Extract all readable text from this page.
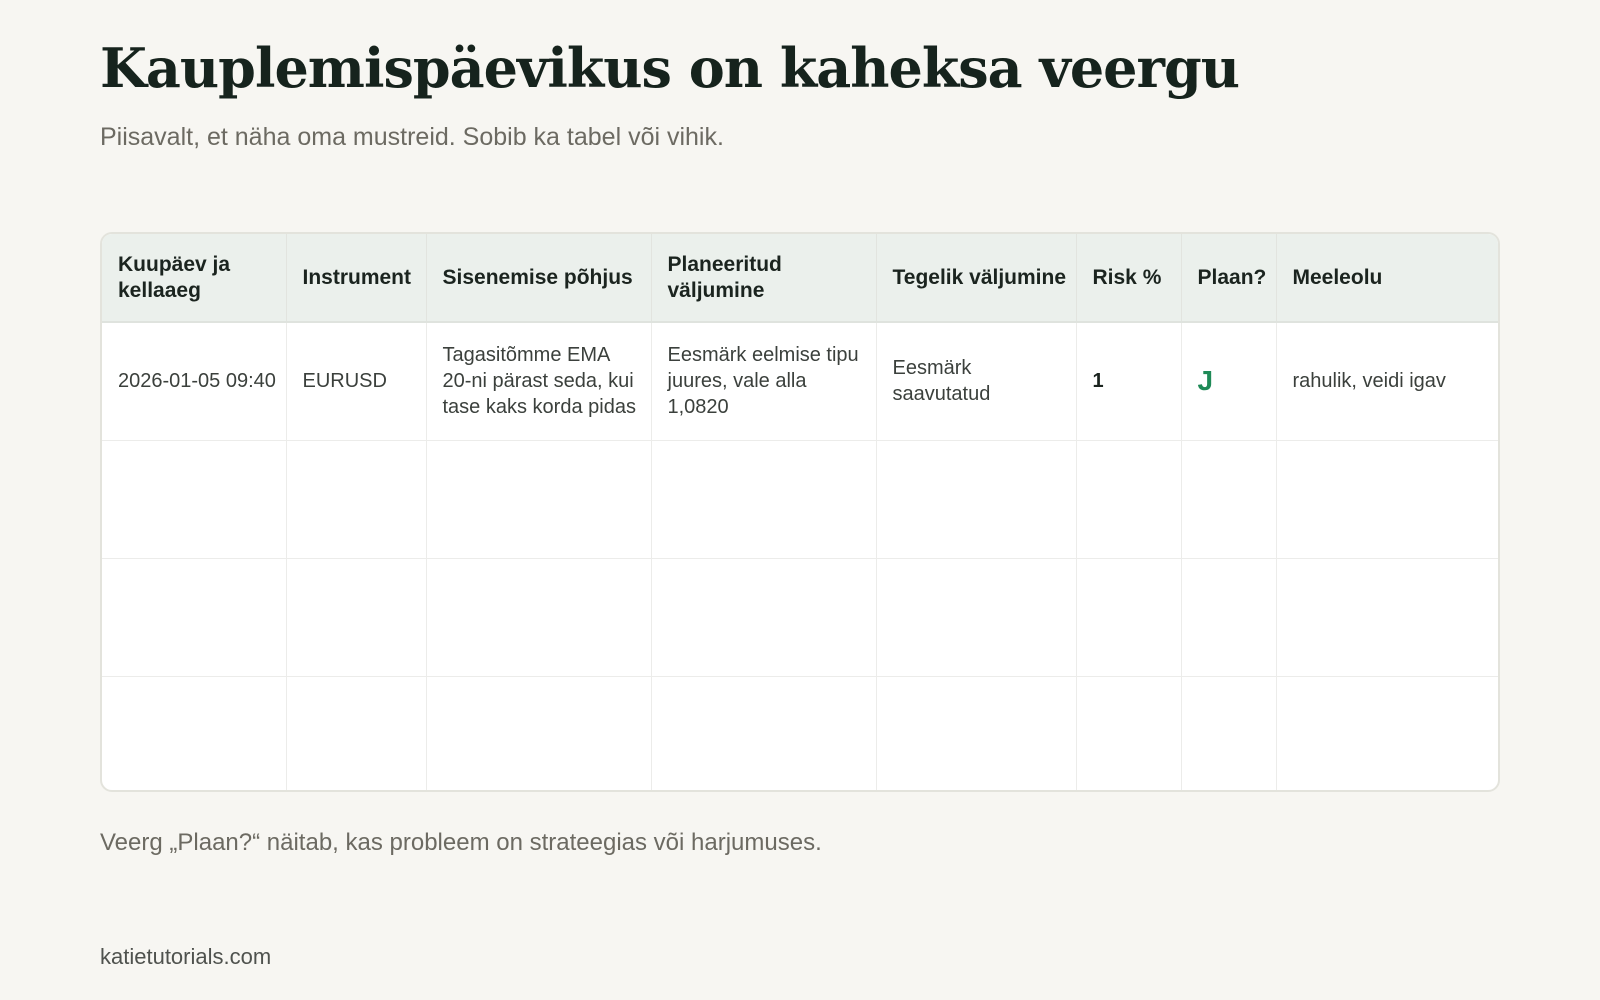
Kauplemispäevikus on kaheksa veergu

Piisavalt, et näha oma mustreid. Sobib ka tabel või vihik.

Kuupäev ja kellaaeg	Instrument	Sisenemise põhjus	Planeeritud väljumine	Tegelik väljumine	Risk %	Plaan?	Meeleolu
2026-01-05 09:40	EURUSD	Tagasitõmme EMA 20-ni pärast seda, kui tase kaks korda pidas	Eesmärk eelmise tipu juures, vale alla 1,0820	Eesmärk saavutatud	1	J	rahulik, veidi igav

Veerg „Plaan?“ näitab, kas probleem on strateegias või harjumuses.

katietutorials.com
